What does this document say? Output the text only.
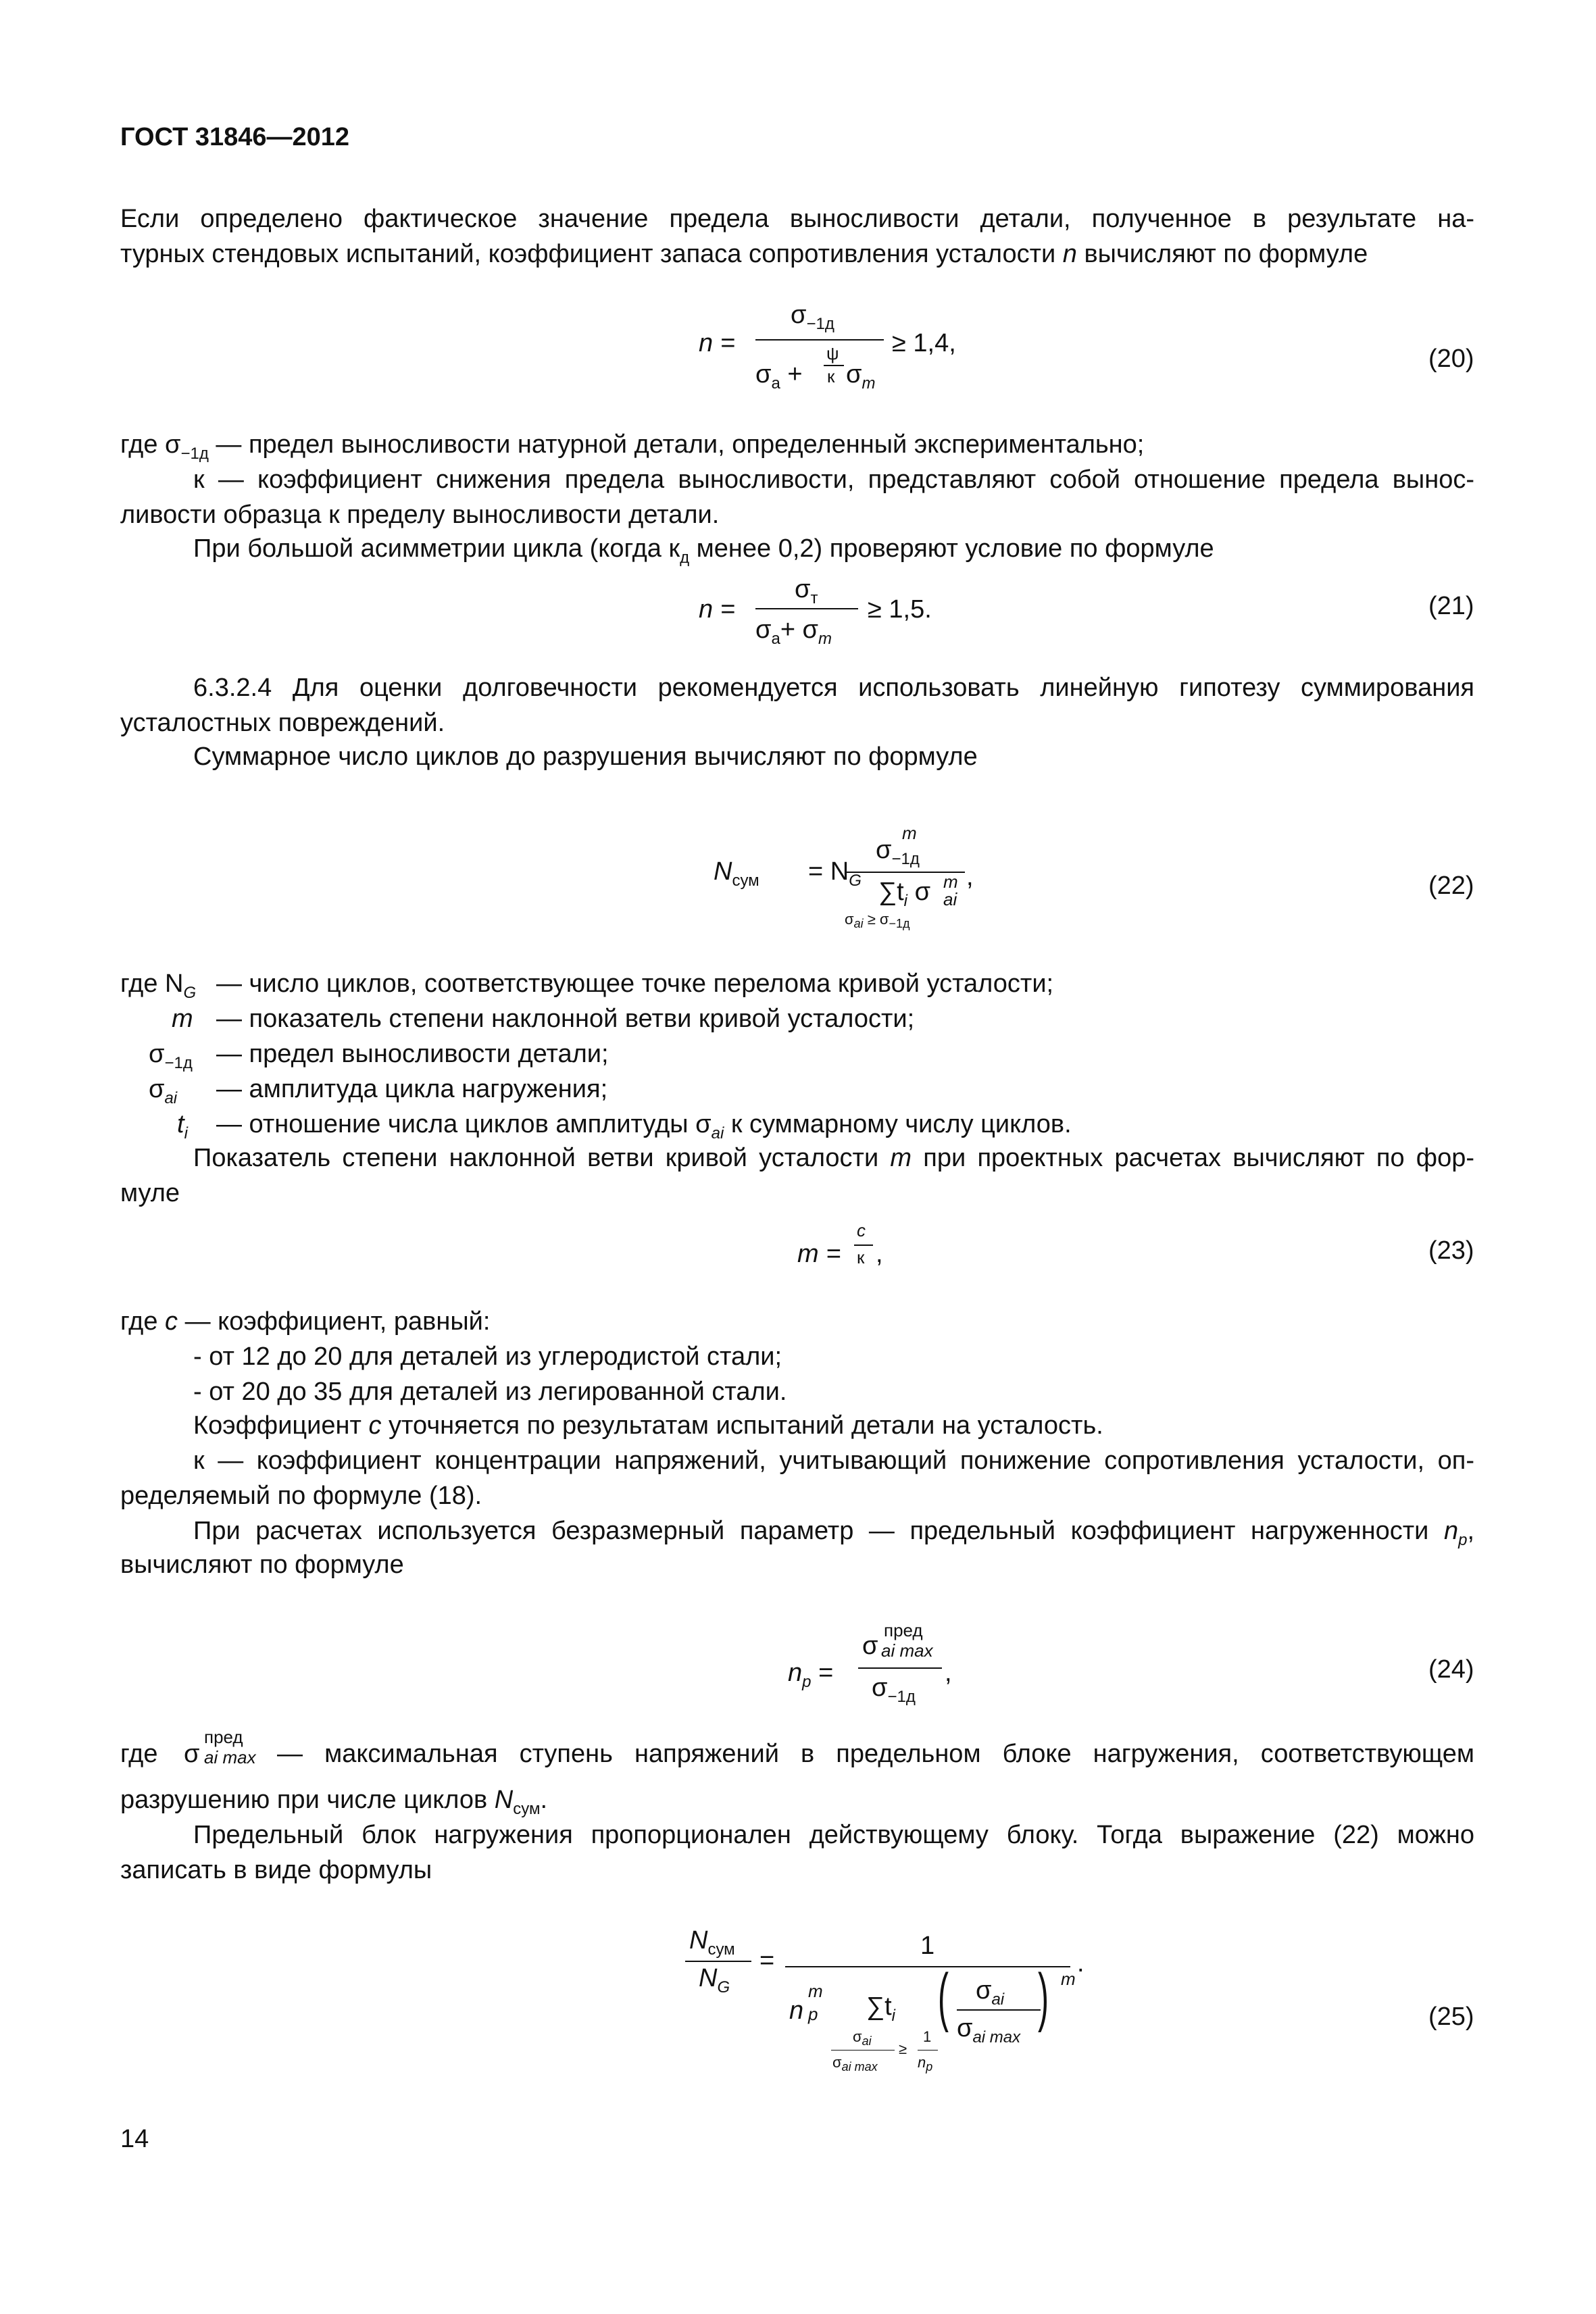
ГОСТ 31846—2012
Если определено фактическое значение предела выносливости детали, полученное в результате на-
турных стендовых испытаний, коэффициент запаса сопротивления усталости n вычисляют по формуле
n =
$\sigma_{-1д}$
$\sigma_a$ +
ψ
к $\sigma_m$
≥ 1,4,
(20)
где $\sigma_{-1д}$ — предел выносливости натурной детали, определенный экспериментально;
к — коэффициент снижения предела выносливости, представляют собой отношение предела вынос-
ливости образца к пределу выносливости детали.
При большой асимметрии цикла (когда $к_д$ менее 0,2) проверяют условие по формуле
n =
$\sigma_т$
$\sigma_a+ \sigma_m$
≥ 1,5.	(21)
6.3.2.4 Для оценки долговечности рекомендуется использовать линейную гипотезу суммирования
усталостных повреждений.
Суммарное число циклов до разрушения вычисляют по формуле
$N_{сум} = N_G$
m
$\sigma_{-1д}$
$\sum t_i$ σ m
ai
,
$\sigma_{ai} \ge \sigma_{-1д}$
(22)
где $N_G$ — число циклов, соответствующее точке перелома кривой усталости;
m — показатель степени наклонной ветви кривой усталости;
$\sigma_{-1д}$ — предел выносливости детали;
$\sigma_{ai}$ — амплитуда цикла нагружения;
$t_i$ — отношение числа циклов амплитуды $\sigma_{ai}$ к суммарному числу циклов.
Показатель степени наклонной ветви кривой усталости m при проектных расчетах вычисляют по фор-
муле
m =
c
к ,	(23)
где c — коэффициент, равный:
- от 12 до 20 для деталей из углеродистой стали;
- от 20 до 35 для деталей из легированной стали.
Коэффициент c уточняется по результатам испытаний детали на усталость.
к — коэффициент концентрации напряжений, учитывающий понижение сопротивления усталости, оп-
ределяемый по формуле (18).
При расчетах используется безразмерный параметр — предельный коэффициент нагруженности $n_p$,
вычисляют по формуле
$n_p$ =
пред
σ ai max
$\sigma_{-1д}$
,	(24)
где σ
пред
ai max — максимальная ступень напряжений в предельном блоке нагружения, соответствующем
разрушению при числе циклов $N_{сум}$.
Предельный блок нагружения пропорционален действующему блоку. Тогда выражение (22) можно
записать в виде формулы
$N_{сум}$
$N_G$
=
1
.
n
m
p $\sum t_i$ ( $\sigma_{ai}$
$\sigma_{ai max}$
) m
$\sigma_{ai}$
$\sigma_{ai max}$
≥
1
$n_p$
(25)
14
